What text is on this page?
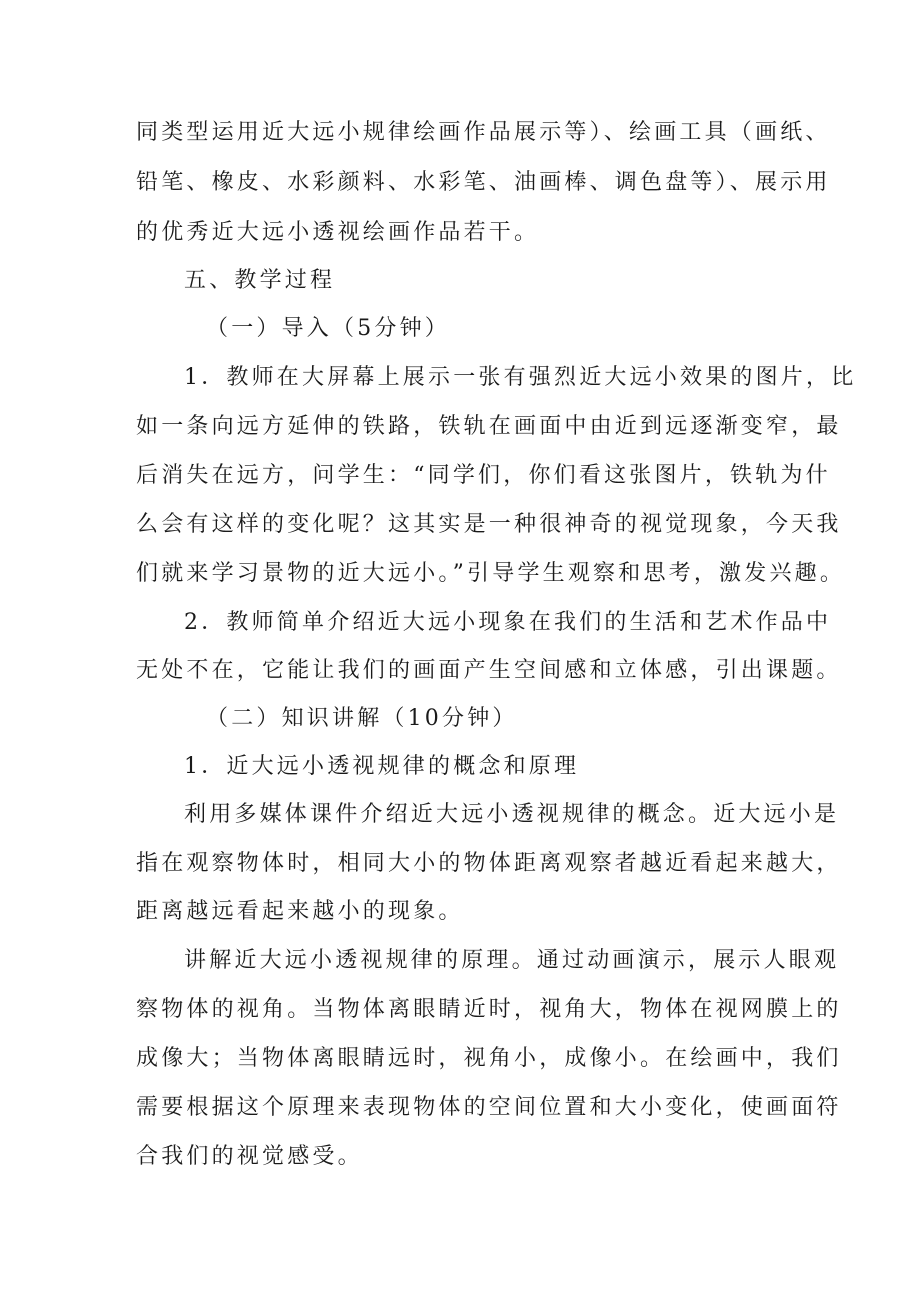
同类型运用近大远小规律绘画作品展示等）、绘画工具（画纸、
铅笔、橡皮、水彩颜料、水彩笔、油画棒、调色盘等）、展示用
的优秀近大远小透视绘画作品若干。
五、教学过程
（一）导入（5分钟）
1．教师在大屏幕上展示一张有强烈近大远小效果的图片，比
如一条向远方延伸的铁路，铁轨在画面中由近到远逐渐变窄，最
后消失在远方，问学生：“同学们，你们看这张图片，铁轨为什
么会有这样的变化呢？这其实是一种很神奇的视觉现象，今天我
们就来学习景物的近大远小。”引导学生观察和思考，激发兴趣。
2．教师简单介绍近大远小现象在我们的生活和艺术作品中
无处不在，它能让我们的画面产生空间感和立体感，引出课题。
（二）知识讲解（10分钟）
1．近大远小透视规律的概念和原理
利用多媒体课件介绍近大远小透视规律的概念。近大远小是
指在观察物体时，相同大小的物体距离观察者越近看起来越大，
距离越远看起来越小的现象。
讲解近大远小透视规律的原理。通过动画演示，展示人眼观
察物体的视角。当物体离眼睛近时，视角大，物体在视网膜上的
成像大；当物体离眼睛远时，视角小，成像小。在绘画中，我们
需要根据这个原理来表现物体的空间位置和大小变化，使画面符
合我们的视觉感受。
